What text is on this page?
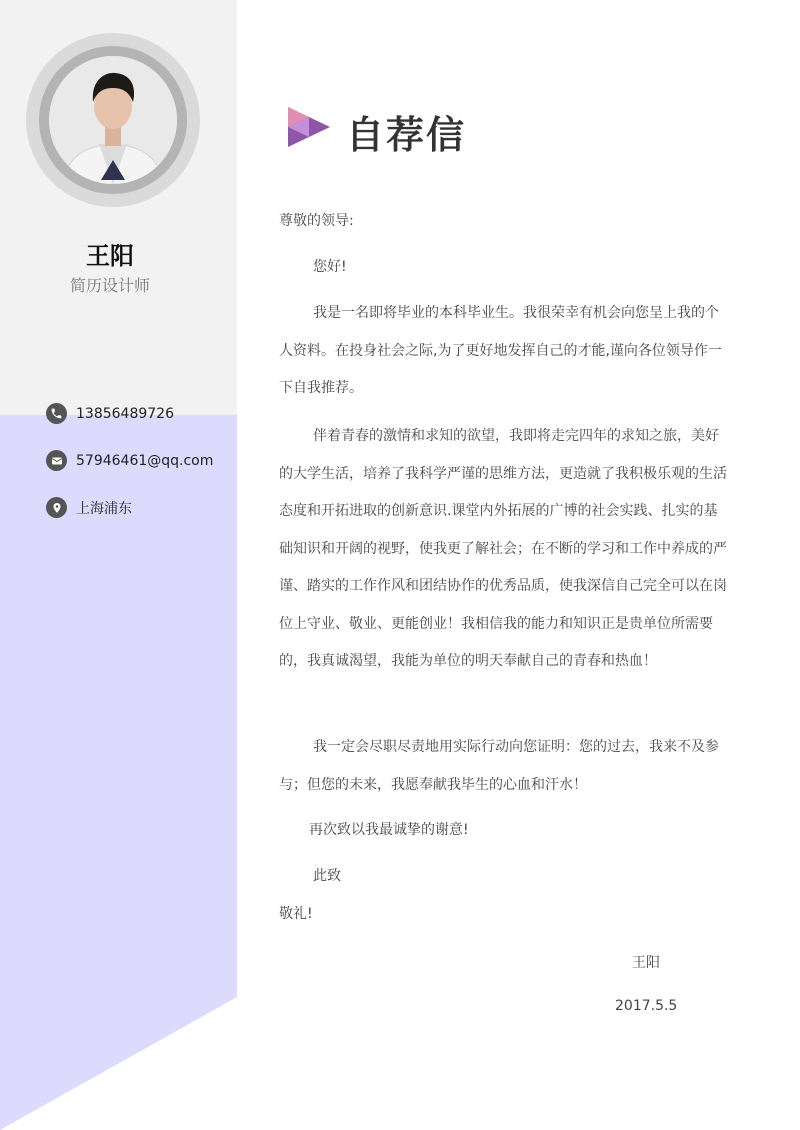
王阳
简历设计师
13856489726
57946461@qq.com
上海浦东
自荐信
尊敬的领导:
您好!
我是一名即将毕业的本科毕业生。我很荣幸有机会向您呈上我的个人资料。在投身社会之际,为了更好地发挥自己的才能,谨向各位领导作一下自我推荐。
伴着青春的激情和求知的欲望，我即将走完四年的求知之旅，美好的大学生活，培养了我科学严谨的思维方法，更造就了我积极乐观的生活态度和开拓进取的创新意识.课堂内外拓展的广博的社会实践、扎实的基础知识和开阔的视野，使我更了解社会；在不断的学习和工作中养成的严谨、踏实的工作作风和团结协作的优秀品质，使我深信自己完全可以在岗位上守业、敬业、更能创业！我相信我的能力和知识正是贵单位所需要的，我真诚渴望，我能为单位的明天奉献自己的青春和热血！
我一定会尽职尽责地用实际行动向您证明：您的过去，我来不及参与；但您的未来，我愿奉献我毕生的心血和汗水！
再次致以我最诚挚的谢意!
此致
敬礼!
王阳
2017.5.5
